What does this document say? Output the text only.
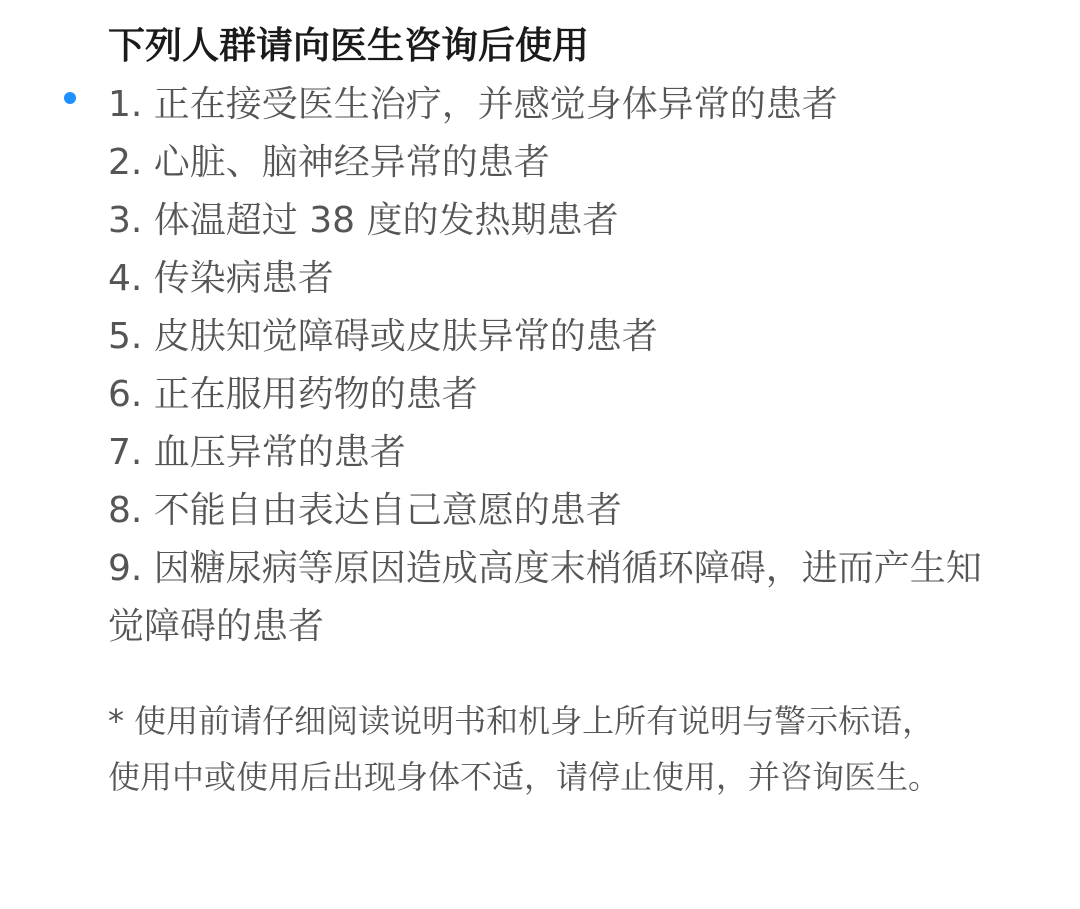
下列人群请向医生咨询后使用
1. 正在接受医生治疗，并感觉身体异常的患者
2. 心脏、脑神经异常的患者
3. 体温超过 38 度的发热期患者
4. 传染病患者
5. 皮肤知觉障碍或皮肤异常的患者
6. 正在服用药物的患者
7. 血压异常的患者
8. 不能自由表达自己意愿的患者
9. 因糖尿病等原因造成高度末梢循环障碍，进而产生知觉障碍的患者
* 使用前请仔细阅读说明书和机身上所有说明与警示标语，
使用中或使用后出现身体不适，请停止使用，并咨询医生。
